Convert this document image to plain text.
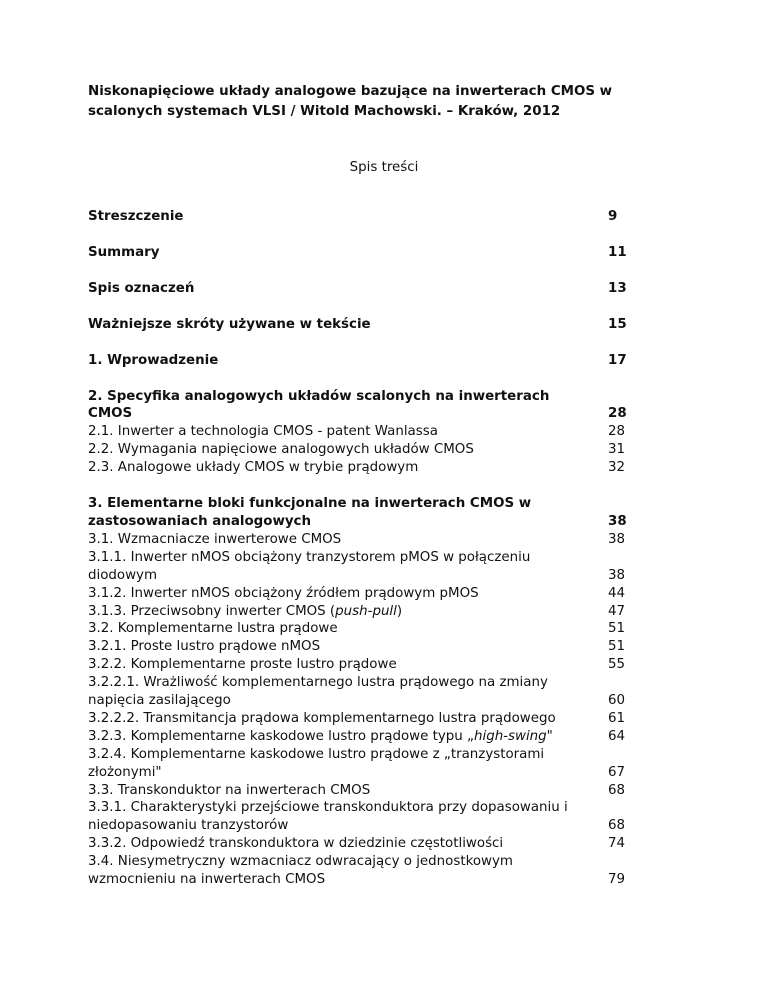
Niskonapięciowe układy analogowe bazujące na inwerterach CMOS w scalonych systemach VLSI / Witold Machowski. – Kraków, 2012
Spis treści
Streszczenie	9
Summary	11
Spis oznaczeń	13
Ważniejsze skróty używane w tekście	15
1. Wprowadzenie	17
2. Specyfika analogowych układów scalonych na inwerterach CMOS	28
2.1. Inwerter a technologia CMOS - patent Wanlassa	28
2.2. Wymagania napięciowe analogowych układów CMOS	31
2.3. Analogowe układy CMOS w trybie prądowym	32
3. Elementarne bloki funkcjonalne na inwerterach CMOS w zastosowaniach analogowych	38
3.1. Wzmacniacze inwerterowe CMOS	38
3.1.1. Inwerter nMOS obciążony tranzystorem pMOS w połączeniu diodowym	38
3.1.2. Inwerter nMOS obciążony źródłem prądowym pMOS	44
3.1.3. Przeciwsobny inwerter CMOS (push-pull)	47
3.2. Komplementarne lustra prądowe	51
3.2.1. Proste lustro prądowe nMOS	51
3.2.2. Komplementarne proste lustro prądowe	55
3.2.2.1. Wrażliwość komplementarnego lustra prądowego na zmiany napięcia zasilającego	60
3.2.2.2. Transmitancja prądowa komplementarnego lustra prądowego	61
3.2.3. Komplementarne kaskodowe lustro prądowe typu „high-swing"	64
3.2.4. Komplementarne kaskodowe lustro prądowe z „tranzystorami złożonymi"	67
3.3. Transkonduktor na inwerterach CMOS	68
3.3.1. Charakterystyki przejściowe transkonduktora przy dopasowaniu i niedopasowaniu tranzystorów	68
3.3.2. Odpowiedź transkonduktora w dziedzinie częstotliwości	74
3.4. Niesymetryczny wzmacniacz odwracający o jednostkowym wzmocnieniu na inwerterach CMOS	79
